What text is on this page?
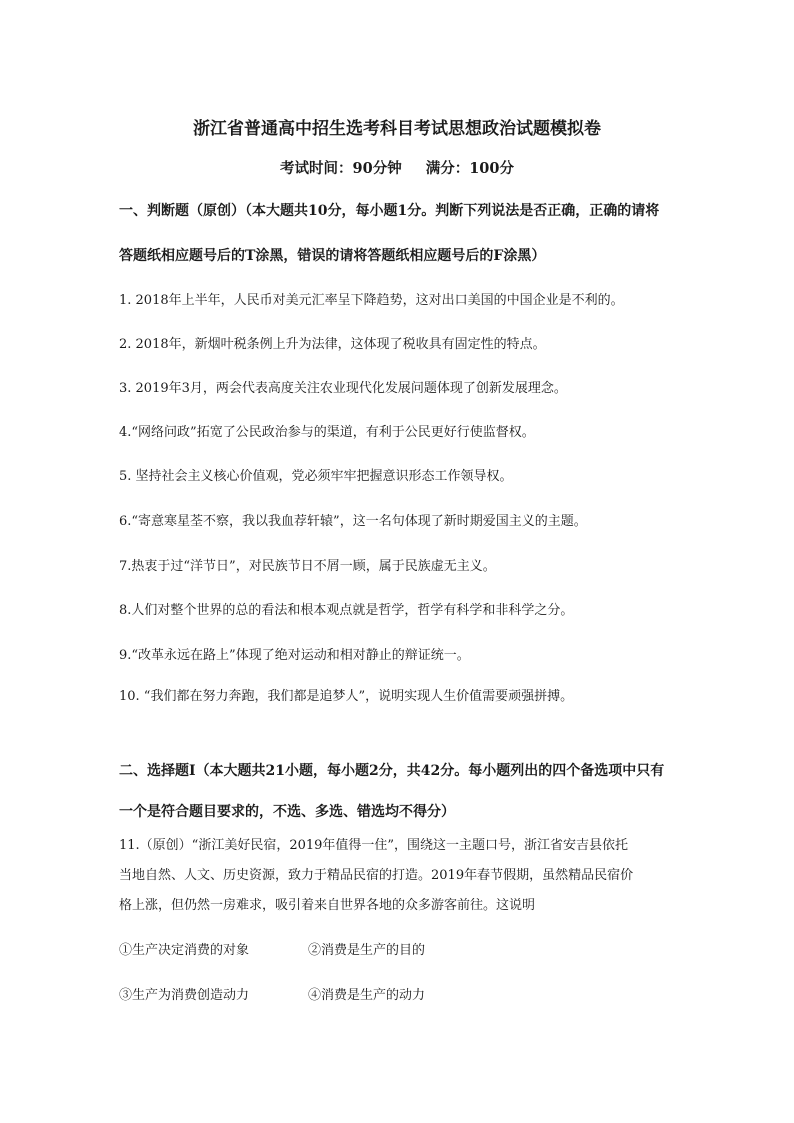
浙江省普通高中招生选考科目考试思想政治试题模拟卷
考试时间：90分钟 满分：100分
一、判断题（原创）（本大题共10分，每小题1分。判断下列说法是否正确，正确的请将
答题纸相应题号后的T涂黑，错误的请将答题纸相应题号后的F涂黑）
1. 2018年上半年，人民币对美元汇率呈下降趋势，这对出口美国的中国企业是不利的。
2. 2018年，新烟叶税条例上升为法律，这体现了税收具有固定性的特点。
3. 2019年3月，两会代表高度关注农业现代化发展问题体现了创新发展理念。
4.“网络问政”拓宽了公民政治参与的渠道，有利于公民更好行使监督权。
5. 坚持社会主义核心价值观，党必须牢牢把握意识形态工作领导权。
6.“寄意寒星荃不察，我以我血荐轩辕”，这一名句体现了新时期爱国主义的主题。
7.热衷于过“洋节日”，对民族节日不屑一顾，属于民族虚无主义。
8.人们对整个世界的总的看法和根本观点就是哲学，哲学有科学和非科学之分。
9.“改革永远在路上”体现了绝对运动和相对静止的辩证统一。
10. “我们都在努力奔跑，我们都是追梦人”，说明实现人生价值需要顽强拼搏。
二、选择题Ⅰ（本大题共21小题，每小题2分，共42分。每小题列出的四个备选项中只有
一个是符合题目要求的，不选、多选、错选均不得分）
11.（原创）“浙江美好民宿，2019年值得一住”，围绕这一主题口号，浙江省安吉县依托
当地自然、人文、历史资源，致力于精品民宿的打造。2019年春节假期，虽然精品民宿价
格上涨，但仍然一房难求，吸引着来自世界各地的众多游客前往。这说明
①生产决定消费的对象	②消费是生产的目的
③生产为消费创造动力	④消费是生产的动力
